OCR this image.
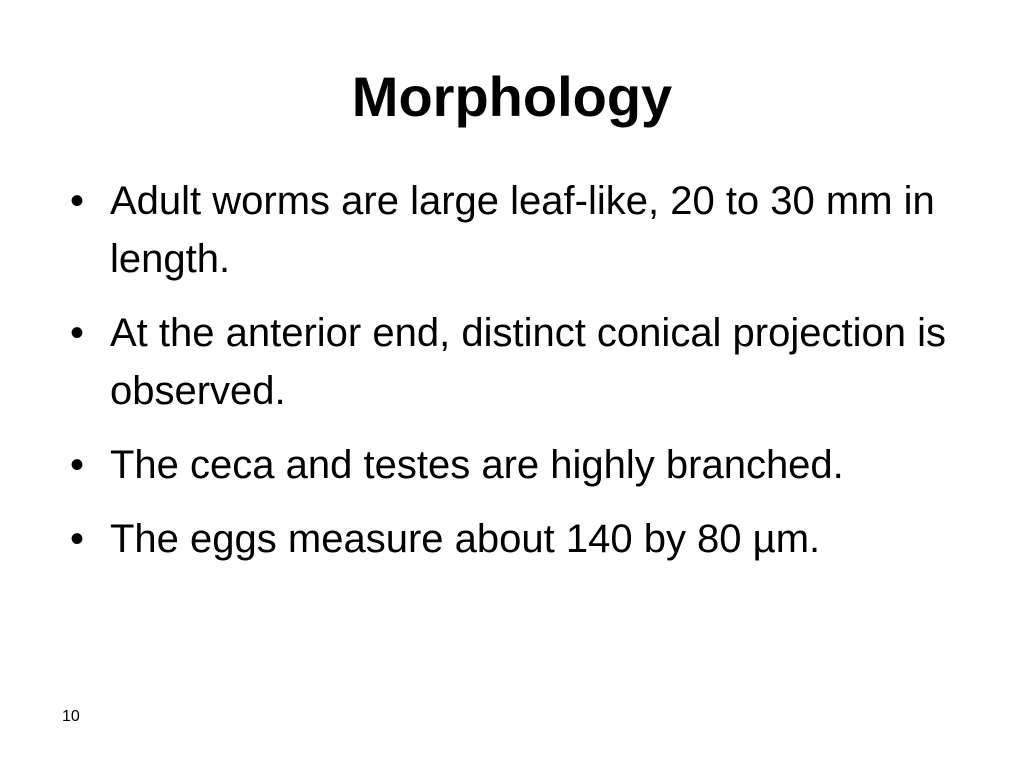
Morphology
• Adult worms are large leaf-like, 20 to 30 mm in length.
• At the anterior end, distinct conical projection is observed.
• The ceca and testes are highly branched.
• The eggs measure about 140 by 80 µm.
10
